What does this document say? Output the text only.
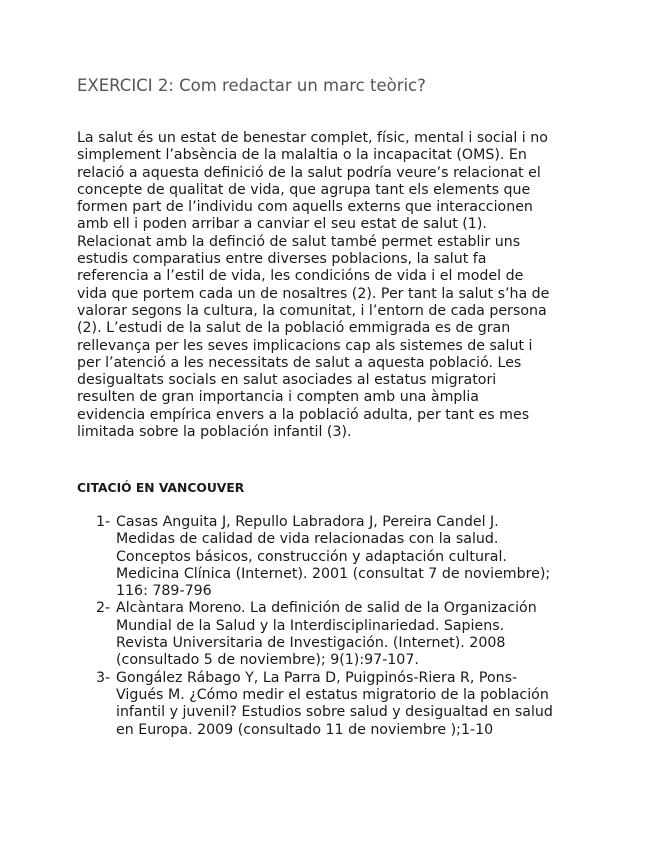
EXERCICI 2: Com redactar un marc teòric?

La salut és un estat de benestar complet, físic, mental i social i no
simplement l’absència de la malaltia o la incapacitat (OMS). En
relació a aquesta definició de la salut podría veure’s relacionat el
concepte de qualitat de vida, que agrupa tant els elements que
formen part de l’individu com aquells externs que interaccionen
amb ell i poden arribar a canviar el seu estat de salut (1).
Relacionat amb la definció de salut també permet establir uns
estudis comparatius entre diverses poblacions, la salut fa
referencia a l’estil de vida, les condicións de vida i el model de
vida que portem cada un de nosaltres (2). Per tant la salut s’ha de
valorar segons la cultura, la comunitat, i l’entorn de cada persona
(2). L’estudi de la salut de la població emmigrada es de gran
rellevança per les seves implicacions cap als sistemes de salut i
per l’atenció a les necessitats de salut a aquesta població. Les
desigualtats socials en salut asociades al estatus migratori
resulten de gran importancia i compten amb una àmplia
evidencia empírica envers a la població adulta, per tant es mes
limitada sobre la población infantil (3).

CITACIÓ EN VANCOUVER
1- Casas Anguita J, Repullo Labradora J, Pereira Candel J.
Medidas de calidad de vida relacionadas con la salud.
Conceptos básicos, construcción y adaptación cultural.
Medicina Clínica (Internet). 2001 (consultat 7 de noviembre);
116: 789-796
2- Alcàntara Moreno. La definición de salid de la Organización
Mundial de la Salud y la Interdisciplinariedad. Sapiens.
Revista Universitaria de Investigación. (Internet). 2008
(consultado 5 de noviembre); 9(1):97-107.
3- Gongález Rábago Y, La Parra D, Puigpinós-Riera R, Pons-
Vigués M. ¿Cómo medir el estatus migratorio de la población
infantil y juvenil? Estudios sobre salud y desigualtad en salud
en Europa. 2009 (consultado 11 de noviembre );1-10
